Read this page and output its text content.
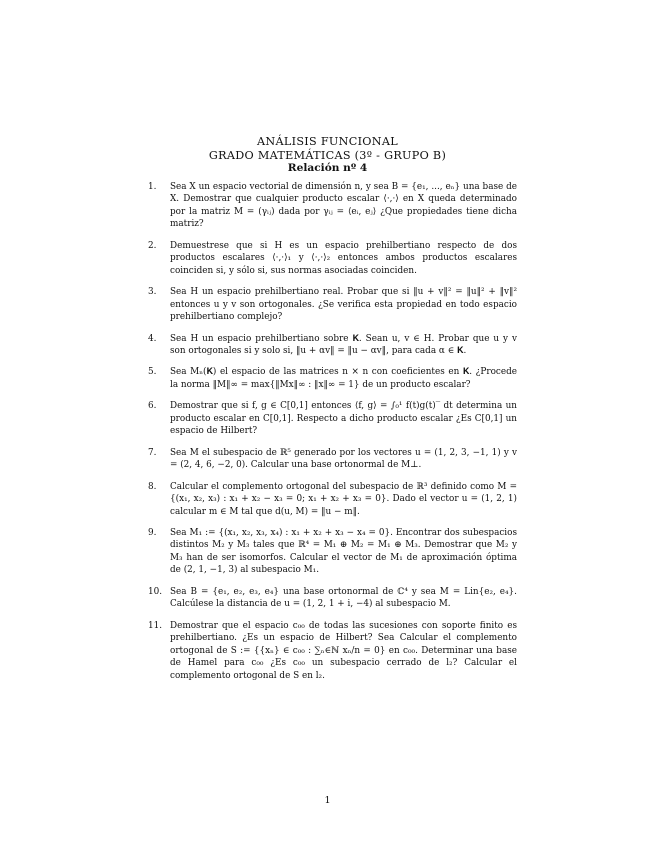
ANÁLISIS FUNCIONAL
GRADO MATEMÁTICAS (3º - GRUPO B)
Relación nº 4
1.	Sea X un espacio vectorial de dimensión n, y sea B = {e₁, ..., eₙ} una base de X. Demostrar que cualquier producto escalar ⟨·,·⟩ en X queda determinado por la matriz M = (γᵢⱼ) dada por γᵢⱼ = ⟨eᵢ, eⱼ⟩ ¿Que propiedades tiene dicha matriz?
2.	Demuestrese que si H es un espacio prehilbertiano respecto de dos productos escalares ⟨·,·⟩₁ y ⟨·,·⟩₂ entonces ambos productos escalares coinciden si, y sólo si, sus normas asociadas coinciden.
3.	Sea H un espacio prehilbertiano real. Probar que si ‖u + v‖² = ‖u‖² + ‖v‖² entonces u y v son ortogonales. ¿Se verifica esta propiedad en todo espacio prehilbertiano complejo?
4.	Sea H un espacio prehilbertiano sobre 𝐊. Sean u, v ∈ H. Probar que u y v son ortogonales si y solo si, ‖u + αv‖ = ‖u − αv‖, para cada α ∈ 𝐊.
5.	Sea Mₙ(𝐊) el espacio de las matrices n × n con coeficientes en 𝐊. ¿Procede la norma ‖M‖∞ = max{‖Mx‖∞ : ‖x‖∞ = 1} de un producto escalar?
6.	Demostrar que si f, g ∈ C[0,1] entonces ⟨f, g⟩ = ∫₀¹ f(t)g(t)‾ dt determina un producto escalar en C[0,1]. Respecto a dicho producto escalar ¿Es C[0,1] un espacio de Hilbert?
7.	Sea M el subespacio de ℝ⁵ generado por los vectores u = (1, 2, 3, −1, 1) y v = (2, 4, 6, −2, 0). Calcular una base ortonormal de M⊥.
8.	Calcular el complemento ortogonal del subespacio de ℝ³ definido como M = {(x₁, x₂, x₃) : x₁ + x₂ − x₃ = 0; x₁ + x₂ + x₃ = 0}. Dado el vector u = (1, 2, 1) calcular m ∈ M tal que d(u, M) = ‖u − m‖.
9.	Sea M₁ := {(x₁, x₂, x₃, x₄) : x₁ + x₂ + x₃ − x₄ = 0}. Encontrar dos subespacios distintos M₂ y M₃ tales que ℝ⁴ = M₁ ⊕ M₂ = M₁ ⊕ M₃. Demostrar que M₂ y M₃ han de ser isomorfos. Calcular el vector de M₁ de aproximación óptima de (2, 1, −1, 3) al subespacio M₁.
10. Sea B = {e₁, e₂, e₃, e₄} una base ortonormal de ℂ⁴ y sea M = Lin{e₂, e₄}. Calcúlese la distancia de u = (1, 2, 1 + i, −4) al subespacio M.
11. Demostrar que el espacio c₀₀ de todas las sucesiones con soporte finito es prehilbertiano. ¿Es un espacio de Hilbert? Sea Calcular el complemento ortogonal de S := {{xₙ} ∈ c₀₀ : ∑ₙ∈ℕ xₙ/n = 0} en c₀₀. Determinar una base de Hamel para c₀₀ ¿Es c₀₀ un subespacio cerrado de l₂? Calcular el complemento ortogonal de S en l₂.
1
